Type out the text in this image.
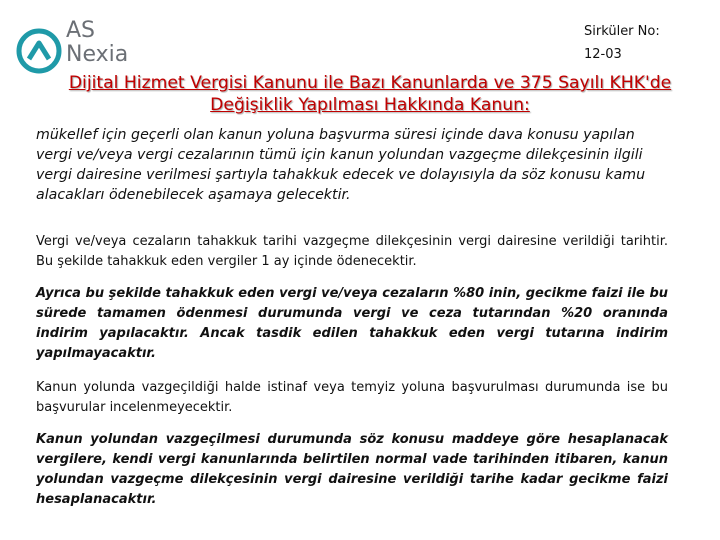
AS
Nexia
Sirküler No:
12-03
Dijital Hizmet Vergisi Kanunu ile Bazı Kanunlarda ve 375 Sayılı KHK'de Değişiklik Yapılması Hakkında Kanun:

mükellef için geçerli olan kanun yoluna başvurma süresi içinde dava konusu yapılan vergi ve/veya vergi cezalarının tümü için kanun yolundan vazgeçme dilekçesinin ilgili vergi dairesine verilmesi şartıyla tahakkuk edecek ve dolayısıyla da söz konusu kamu alacakları ödenebilecek aşamaya gelecektir.

Vergi ve/veya cezaların tahakkuk tarihi vazgeçme dilekçesinin vergi dairesine verildiği tarihtir. Bu şekilde tahakkuk eden vergiler 1 ay içinde ödenecektir.

Ayrıca bu şekilde tahakkuk eden vergi ve/veya cezaların %80 inin, gecikme faizi ile bu sürede tamamen ödenmesi durumunda vergi ve ceza tutarından %20 oranında indirim yapılacaktır. Ancak tasdik edilen tahakkuk eden vergi tutarına indirim yapılmayacaktır.

Kanun yolunda vazgeçildiği halde istinaf veya temyiz yoluna başvurulması durumunda ise bu başvurular incelenmeyecektir.

Kanun yolundan vazgeçilmesi durumunda söz konusu maddeye göre hesaplanacak vergilere, kendi vergi kanunlarında belirtilen normal vade tarihinden itibaren, kanun yolundan vazgeçme dilekçesinin vergi dairesine verildiği tarihe kadar gecikme faizi hesaplanacaktır.
